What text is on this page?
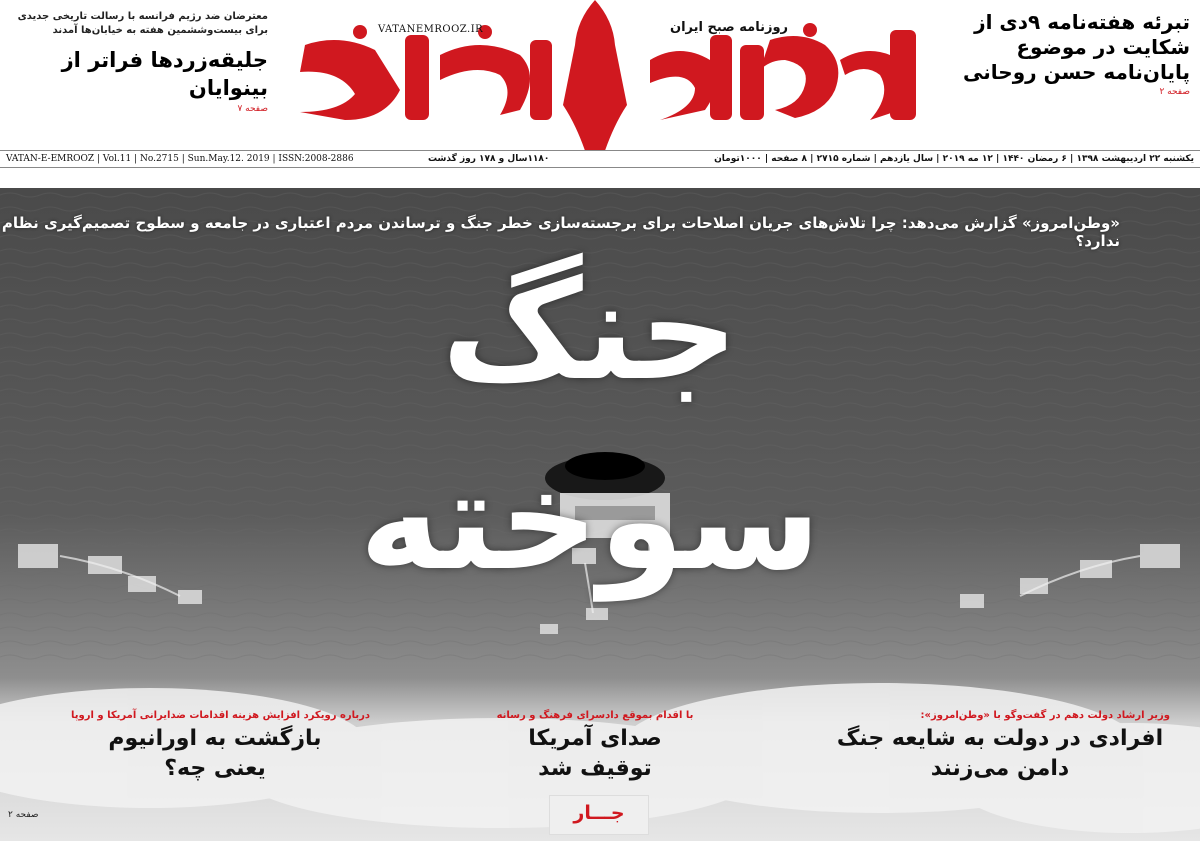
معترضان ضد رژیم فرانسه با رسالت تاریخی جدیدی برای بیست‌وششمین هفته به خیابان‌ها آمدند
جلیقه‌زردها فراتر از بینوایان
صفحه ۷
VATANEMROOZ.IR	روزنامه صبح ایران	تبرئه هفته‌نامه ۹دی از شکایت در موضوع پایان‌نامه حسن روحانی
صفحه ۲
VATAN-E-EMROOZ | Vol.11 | No.2715 | Sun.May.12. 2019 | ISSN:2008-2886	۱۱۸۰سال و ۱۷۸ روز گذشت	یکشنبه ۲۲ اردیبهشت ۱۳۹۸ | ۶ رمضان ۱۴۴۰ | ۱۲ مه ۲۰۱۹ | سال یازدهم | شماره ۲۷۱۵ | ۸ صفحه | ۱۰۰۰تومان
«وطن‌امروز» گزارش می‌دهد: چرا تلاش‌های جریان اصلاحات برای برجسته‌سازی خطر جنگ و ترساندن مردم اعتباری در جامعه و سطوح تصمیم‌گیری نظام ندارد؟
جنگ سوخته
وزیر ارشاد دولت دهم در گفت‌وگو با «وطن‌امروز»:
افرادی در دولت به شایعه جنگ
دامن می‌زنند
با اقدام بموقع دادسرای فرهنگ و رسانه
صدای آمریکا
توقیف شد
جـــار
درباره رویکرد افزایش هزینه اقدامات ضدایرانی آمریکا و اروپا
بازگشت به اورانیوم
یعنی چه؟
صفحه ۲
